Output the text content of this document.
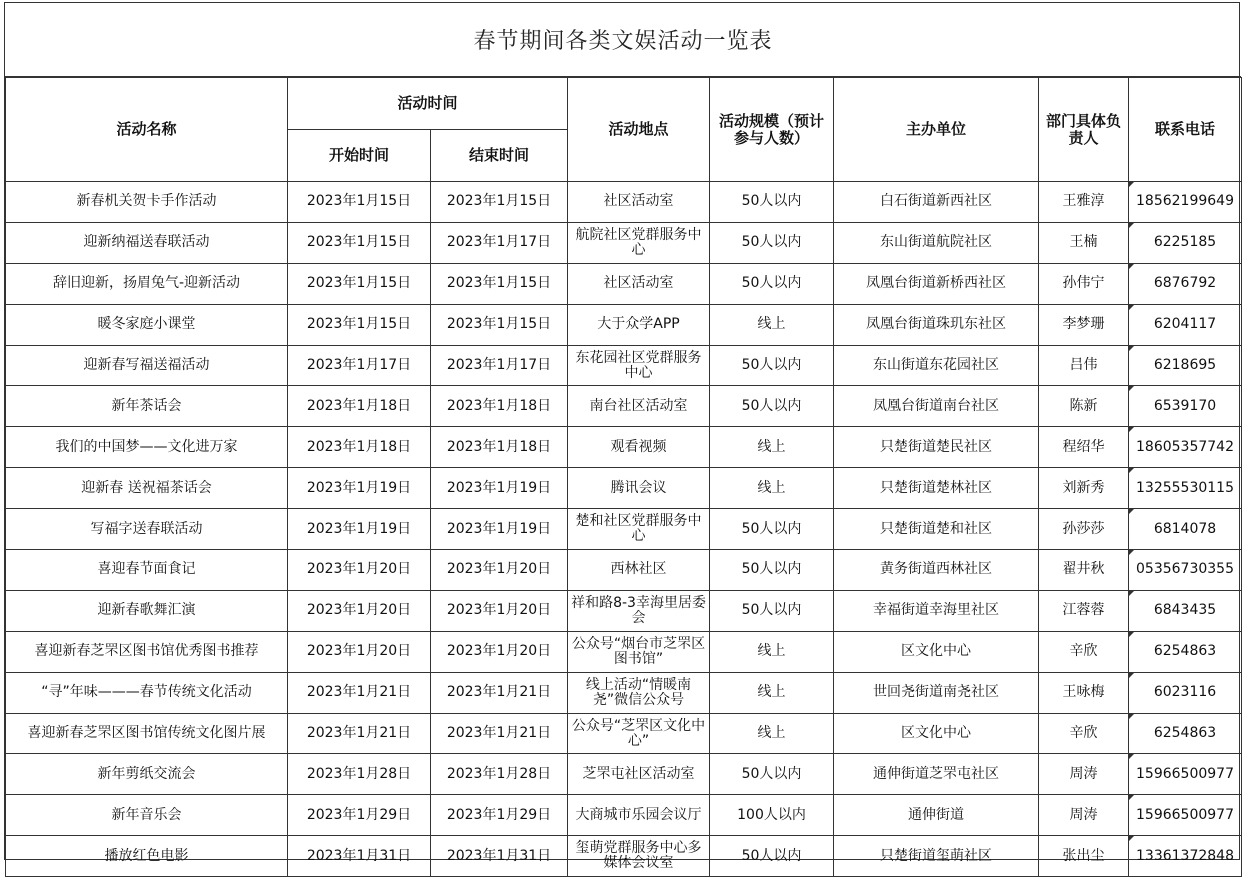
春节期间各类文娱活动一览表
活动名称	活动时间		活动地点	活动规模（预计参与人数）	主办单位	部门具体负责人	联系电话
	开始时间	结束时间					
新春机关贺卡手作活动	2023年1月15日	2023年1月15日	社区活动室	50人以内	白石街道新西社区	王雅淳	18562199649
迎新纳福送春联活动	2023年1月15日	2023年1月17日	航院社区党群服务中心	50人以内	东山街道航院社区	王楠	6225185
辞旧迎新，扬眉兔气-迎新活动	2023年1月15日	2023年1月15日	社区活动室	50人以内	凤凰台街道新桥西社区	孙伟宁	6876792
暖冬家庭小课堂	2023年1月15日	2023年1月15日	大于众学APP	线上	凤凰台街道珠玑东社区	李梦珊	6204117
迎新春写福送福活动	2023年1月17日	2023年1月17日	东花园社区党群服务中心	50人以内	东山街道东花园社区	吕伟	6218695
新年茶话会	2023年1月18日	2023年1月18日	南台社区活动室	50人以内	凤凰台街道南台社区	陈新	6539170
我们的中国梦——文化进万家	2023年1月18日	2023年1月18日	观看视频	线上	只楚街道楚民社区	程绍华	18605357742
迎新春 送祝福茶话会	2023年1月19日	2023年1月19日	腾讯会议	线上	只楚街道楚林社区	刘新秀	13255530115
写福字送春联活动	2023年1月19日	2023年1月19日	楚和社区党群服务中心	50人以内	只楚街道楚和社区	孙莎莎	6814078
喜迎春节面食记	2023年1月20日	2023年1月20日	西林社区	50人以内	黄务街道西林社区	翟井秋	05356730355
迎新春歌舞汇演	2023年1月20日	2023年1月20日	祥和路8-3幸海里居委会	50人以内	幸福街道幸海里社区	江蓉蓉	6843435
喜迎新春芝罘区图书馆优秀图书推荐	2023年1月20日	2023年1月20日	公众号“烟台市芝罘区图书馆”	线上	区文化中心	辛欣	6254863
“寻”年味———春节传统文化活动	2023年1月21日	2023年1月21日	线上活动“情暖南尧”微信公众号	线上	世回尧街道南尧社区	王咏梅	6023116
喜迎新春芝罘区图书馆传统文化图片展	2023年1月21日	2023年1月21日	公众号“芝罘区文化中心”	线上	区文化中心	辛欣	6254863
新年剪纸交流会	2023年1月28日	2023年1月28日	芝罘屯社区活动室	50人以内	通伸街道芝罘屯社区	周涛	15966500977
新年音乐会	2023年1月29日	2023年1月29日	大商城市乐园会议厅	100人以内	通伸街道	周涛	15966500977
播放红色电影	2023年1月31日	2023年1月31日	玺萌党群服务中心多媒体会议室	50人以内	只楚街道玺萌社区	张出尘	13361372848
